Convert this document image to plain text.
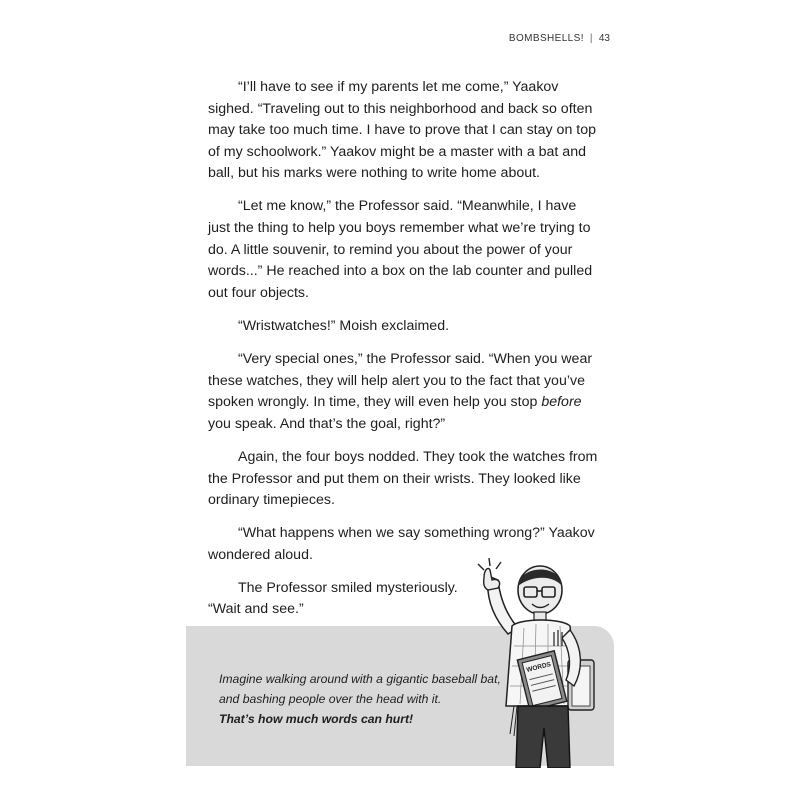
BOMBSHELLS! | 43

“I’ll have to see if my parents let me come,” Yaakov sighed. “Traveling out to this neighborhood and back so often may take too much time. I have to prove that I can stay on top of my schoolwork.” Yaakov might be a master with a bat and ball, but his marks were nothing to write home about.

“Let me know,” the Professor said. “Meanwhile, I have just the thing to help you boys remember what we’re trying to do. A little souvenir, to remind you about the power of your words...” He reached into a box on the lab counter and pulled out four objects.

“Wristwatches!” Moish exclaimed.

“Very special ones,” the Professor said. “When you wear these watches, they will help alert you to the fact that you’ve spoken wrongly. In time, they will even help you stop before you speak. And that’s the goal, right?”

Again, the four boys nodded. They took the watches from the Professor and put them on their wrists. They looked like ordinary timepieces.

“What happens when we say something wrong?” Yaakov wondered aloud.

The Professor smiled mysteriously. “Wait and see.”

Imagine walking around with a gigantic baseball bat, and bashing people over the head with it.
That’s how much words can hurt!
WORDS
